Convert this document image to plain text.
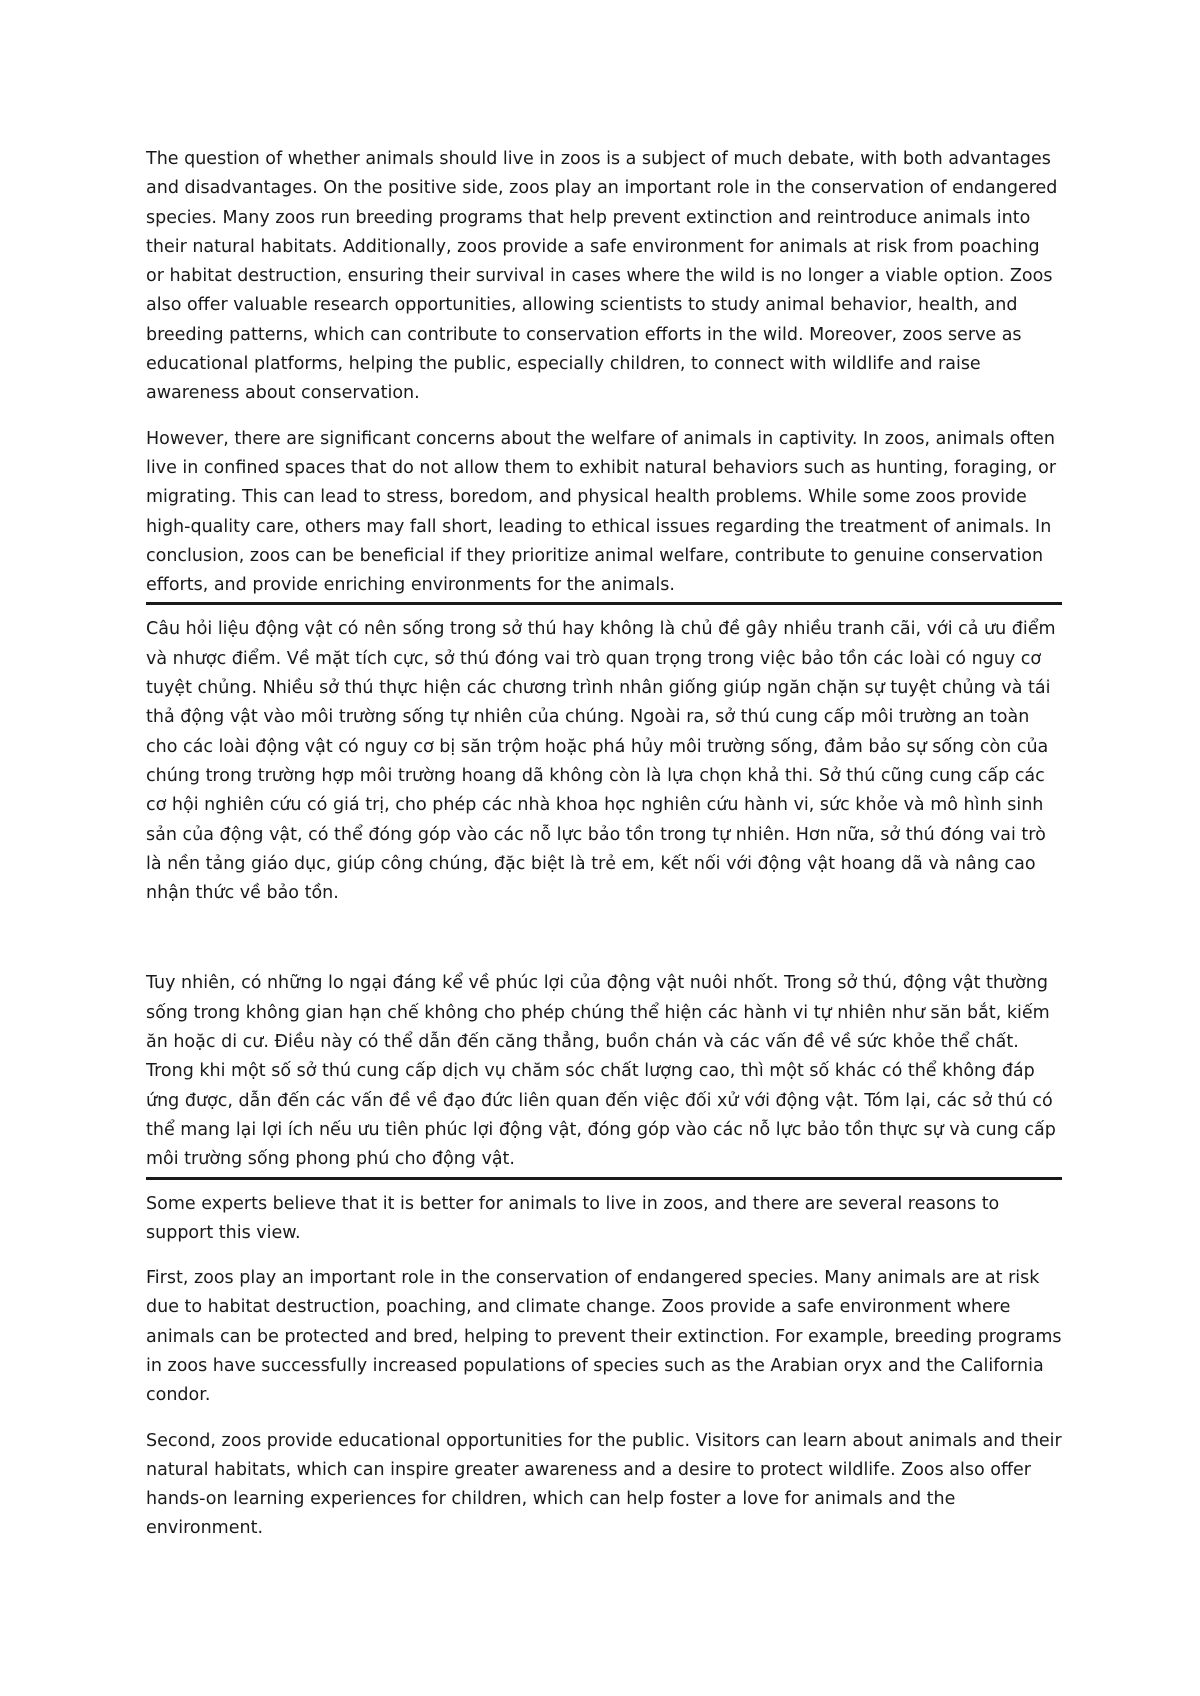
The question of whether animals should live in zoos is a subject of much debate, with both advantages and disadvantages. On the positive side, zoos play an important role in the conservation of endangered species. Many zoos run breeding programs that help prevent extinction and reintroduce animals into their natural habitats. Additionally, zoos provide a safe environment for animals at risk from poaching or habitat destruction, ensuring their survival in cases where the wild is no longer a viable option. Zoos also offer valuable research opportunities, allowing scientists to study animal behavior, health, and breeding patterns, which can contribute to conservation efforts in the wild. Moreover, zoos serve as educational platforms, helping the public, especially children, to connect with wildlife and raise awareness about conservation.

However, there are significant concerns about the welfare of animals in captivity. In zoos, animals often live in confined spaces that do not allow them to exhibit natural behaviors such as hunting, foraging, or migrating. This can lead to stress, boredom, and physical health problems. While some zoos provide high-quality care, others may fall short, leading to ethical issues regarding the treatment of animals. In conclusion, zoos can be beneficial if they prioritize animal welfare, contribute to genuine conservation efforts, and provide enriching environments for the animals.

Câu hỏi liệu động vật có nên sống trong sở thú hay không là chủ đề gây nhiều tranh cãi, với cả ưu điểm và nhược điểm. Về mặt tích cực, sở thú đóng vai trò quan trọng trong việc bảo tồn các loài có nguy cơ tuyệt chủng. Nhiều sở thú thực hiện các chương trình nhân giống giúp ngăn chặn sự tuyệt chủng và tái thả động vật vào môi trường sống tự nhiên của chúng. Ngoài ra, sở thú cung cấp môi trường an toàn cho các loài động vật có nguy cơ bị săn trộm hoặc phá hủy môi trường sống, đảm bảo sự sống còn của chúng trong trường hợp môi trường hoang dã không còn là lựa chọn khả thi. Sở thú cũng cung cấp các cơ hội nghiên cứu có giá trị, cho phép các nhà khoa học nghiên cứu hành vi, sức khỏe và mô hình sinh sản của động vật, có thể đóng góp vào các nỗ lực bảo tồn trong tự nhiên. Hơn nữa, sở thú đóng vai trò là nền tảng giáo dục, giúp công chúng, đặc biệt là trẻ em, kết nối với động vật hoang dã và nâng cao nhận thức về bảo tồn.

Tuy nhiên, có những lo ngại đáng kể về phúc lợi của động vật nuôi nhốt. Trong sở thú, động vật thường sống trong không gian hạn chế không cho phép chúng thể hiện các hành vi tự nhiên như săn bắt, kiếm ăn hoặc di cư. Điều này có thể dẫn đến căng thẳng, buồn chán và các vấn đề về sức khỏe thể chất. Trong khi một số sở thú cung cấp dịch vụ chăm sóc chất lượng cao, thì một số khác có thể không đáp ứng được, dẫn đến các vấn đề về đạo đức liên quan đến việc đối xử với động vật. Tóm lại, các sở thú có thể mang lại lợi ích nếu ưu tiên phúc lợi động vật, đóng góp vào các nỗ lực bảo tồn thực sự và cung cấp môi trường sống phong phú cho động vật.

Some experts believe that it is better for animals to live in zoos, and there are several reasons to support this view.

First, zoos play an important role in the conservation of endangered species. Many animals are at risk due to habitat destruction, poaching, and climate change. Zoos provide a safe environment where animals can be protected and bred, helping to prevent their extinction. For example, breeding programs in zoos have successfully increased populations of species such as the Arabian oryx and the California condor.

Second, zoos provide educational opportunities for the public. Visitors can learn about animals and their natural habitats, which can inspire greater awareness and a desire to protect wildlife. Zoos also offer hands-on learning experiences for children, which can help foster a love for animals and the environment.
